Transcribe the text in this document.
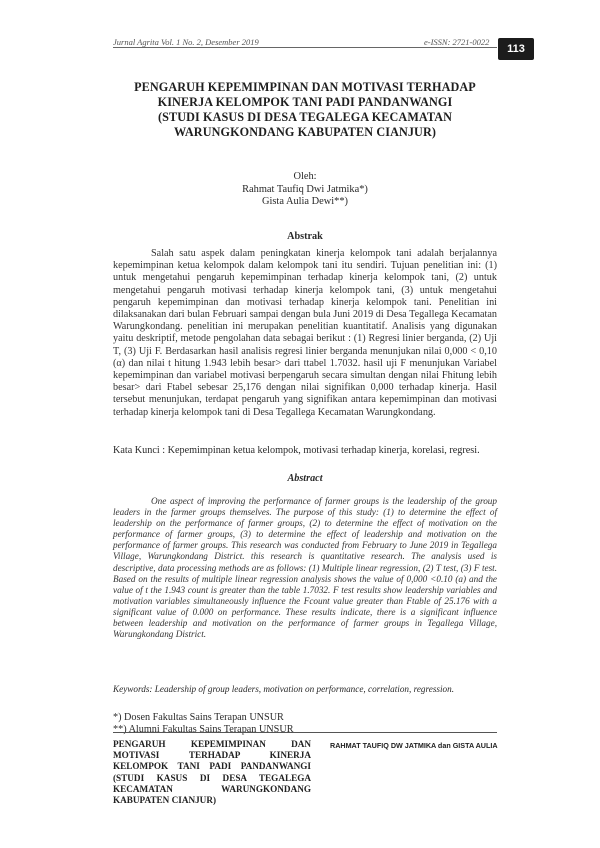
Jurnal Agrita Vol. 1 No. 2, Desember 2019	e-ISSN: 2721-0022
113
PENGARUH KEPEMIMPINAN DAN MOTIVASI TERHADAP
KINERJA KELOMPOK TANI PADI PANDANWANGI
(STUDI KASUS DI DESA TEGALEGA KECAMATAN
WARUNGKONDANG KABUPATEN CIANJUR)
Oleh:
Rahmat Taufiq Dwi Jatmika*)
Gista Aulia Dewi**)
Abstrak
Salah satu aspek dalam peningkatan kinerja kelompok tani adalah berjalannya kepemimpinan ketua kelompok dalam kelompok tani itu sendiri. Tujuan penelitian ini: (1) untuk mengetahui pengaruh kepemimpinan terhadap kinerja kelompok tani, (2) untuk mengetahui pengaruh motivasi terhadap kinerja kelompok tani, (3) untuk mengetahui pengaruh kepemimpinan dan motivasi terhadap kinerja kelompok tani. Penelitian ini dilaksanakan dari bulan Februari sampai dengan bula Juni 2019 di Desa Tegallega Kecamatan Warungkondang. penelitian ini merupakan penelitian kuantitatif. Analisis yang digunakan yaitu deskriptif, metode pengolahan data sebagai berikut : (1) Regresi linier berganda, (2) Uji T, (3) Uji F. Berdasarkan hasil analisis regresi linier berganda menunjukan nilai 0,000 < 0,10 (α) dan nilai t hitung 1.943 lebih besar> dari ttabel 1.7032. hasil uji F menunjukan Variabel kepemimpinan dan variabel motivasi berpengaruh secara simultan dengan nilai Fhitung lebih besar> dari Ftabel sebesar 25,176 dengan nilai signifikan 0,000 terhadap kinerja. Hasil tersebut menunjukan, terdapat pengaruh yang signifikan antara kepemimpinan dan motivasi terhadap kinerja kelompok tani di Desa Tegallega Kecamatan Warungkondang.
Kata Kunci : Kepemimpinan ketua kelompok, motivasi terhadap kinerja, korelasi, regresi.
Abstract
One aspect of improving the performance of farmer groups is the leadership of the group leaders in the farmer groups themselves. The purpose of this study: (1) to determine the effect of leadership on the performance of farmer groups, (2) to determine the effect of motivation on the performance of farmer groups, (3) to determine the effect of leadership and motivation on the performance of farmer groups. This research was conducted from February to June 2019 in Tegallega Village, Warungkondang District. this research is quantitative research. The analysis used is descriptive, data processing methods are as follows: (1) Multiple linear regression, (2) T test, (3) F test. Based on the results of multiple linear regression analysis shows the value of 0,000 <0.10 (a) and the value of t the 1.943 count is greater than the table 1.7032. F test results show leadership variables and motivation variables simultaneously influence the Fcount value greater than Ftable of 25.176 with a significant value of 0.000 on performance. These results indicate, there is a significant influence between leadership and motivation on the performance of farmer groups in Tegallega Village, Warungkondang District.
Keywords: Leadership of group leaders, motivation on performance, correlation, regression.
*) Dosen Fakultas Sains Terapan UNSUR
**) Alumni Fakultas Sains Terapan UNSUR
PENGARUH KEPEMIMPINAN DAN MOTIVASI TERHADAP KINERJA KELOMPOK TANI PADI PANDANWANGI (STUDI KASUS DI DESA TEGALEGA KECAMATAN WARUNGKONDANG KABUPATEN CIANJUR)
RAHMAT TAUFIQ DW JATMIKA dan GISTA AULIA
